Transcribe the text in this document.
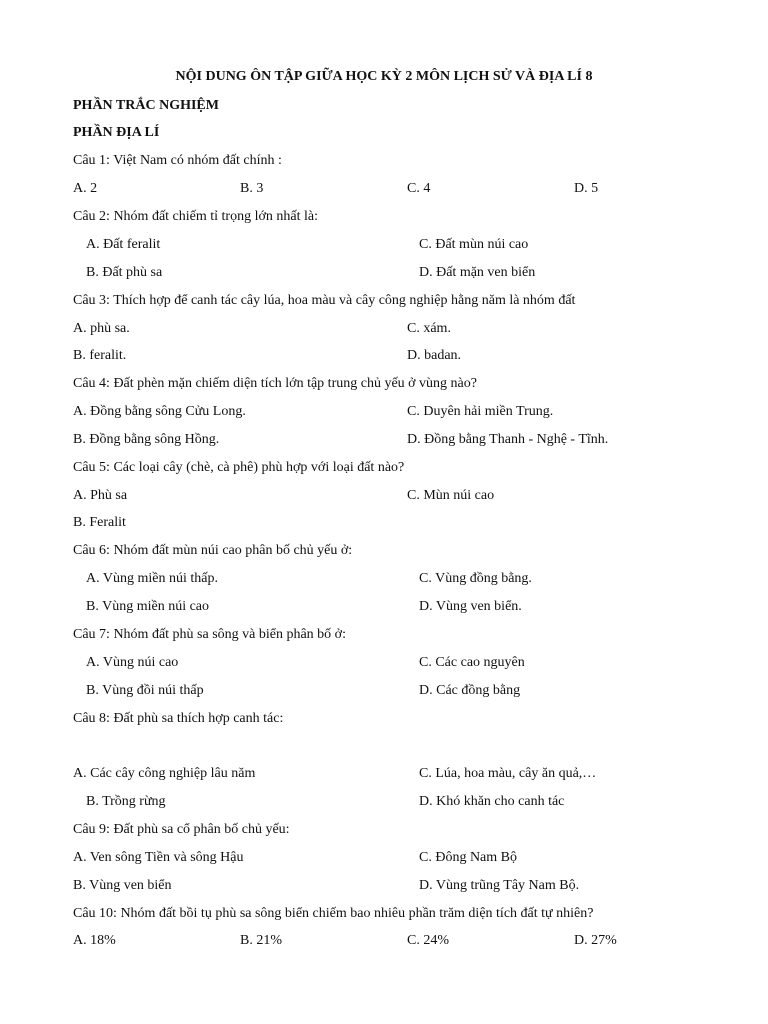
NỘI DUNG ÔN TẬP GIỮA HỌC KỲ 2 MÔN LỊCH SỬ VÀ ĐỊA LÍ 8
PHẦN TRẮC NGHIỆM
PHẦN ĐỊA LÍ
Câu 1: Việt Nam có nhóm đất chính :
A. 2	B. 3	C. 4	D. 5
Câu 2: Nhóm đất chiếm tỉ trọng lớn nhất là:
A. Đất feralit	C. Đất mùn núi cao
B. Đất phù sa	D. Đất mặn ven biển
Câu 3: Thích hợp để canh tác cây lúa, hoa màu và cây công nghiệp hằng năm là nhóm đất
A. phù sa.	C. xám.
B. feralit.	D. badan.
Câu 4: Đất phèn mặn chiếm diện tích lớn tập trung chủ yếu ở vùng nào?
A. Đồng bằng sông Cửu Long.	C. Duyên hải miền Trung.
B. Đồng bằng sông Hồng.	D. Đồng bằng Thanh - Nghệ - Tĩnh.
Câu 5: Các loại cây (chè, cà phê) phù hợp với loại đất nào?
A. Phù sa	C. Mùn núi cao
B. Feralit
Câu 6: Nhóm đất mùn núi cao phân bố chủ yếu ở:
A. Vùng miền núi thấp.	C. Vùng đồng bằng.
B. Vùng miền núi cao	D. Vùng ven biển.
Câu 7: Nhóm đất phù sa sông và biển phân bố ở:
A. Vùng núi cao	C. Các cao nguyên
B. Vùng đồi núi thấp	D. Các đồng bằng
Câu 8: Đất phù sa thích hợp canh tác:
A. Các cây công nghiệp lâu năm	C. Lúa, hoa màu, cây ăn quả,…
B. Trồng rừng	D. Khó khăn cho canh tác
Câu 9: Đất phù sa cổ phân bố chủ yếu:
A. Ven sông Tiền và sông Hậu	C. Đông Nam Bộ
B. Vùng ven biển	D. Vùng trũng Tây Nam Bộ.
Câu 10: Nhóm đất bồi tụ phù sa sông biển chiếm bao nhiêu phần trăm diện tích đất tự nhiên?
A. 18%	B. 21%	C. 24%	D. 27%
